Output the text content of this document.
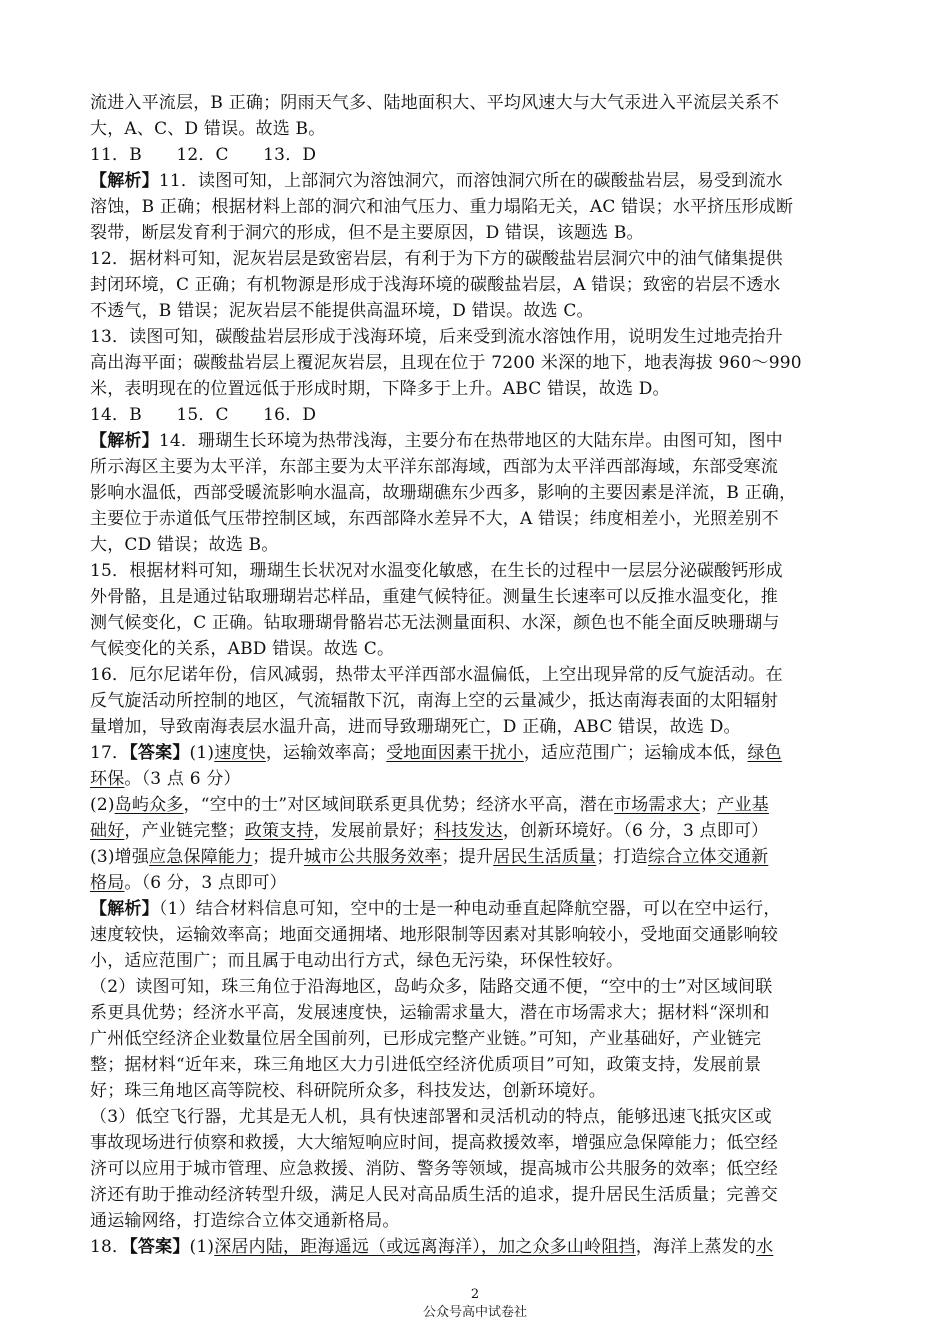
流进入平流层，B 正确；阴雨天气多、陆地面积大、平均风速大与大气汞进入平流层关系不
大，A、C、D 错误。故选 B。
11．B　　12．C　　13．D
【解析】11．读图可知，上部洞穴为溶蚀洞穴，而溶蚀洞穴所在的碳酸盐岩层，易受到流水
溶蚀，B 正确；根据材料上部的洞穴和油气压力、重力塌陷无关，AC 错误；水平挤压形成断
裂带，断层发育利于洞穴的形成，但不是主要原因，D 错误，该题选 B。
12．据材料可知，泥灰岩层是致密岩层，有利于为下方的碳酸盐岩层洞穴中的油气储集提供
封闭环境，C 正确；有机物源是形成于浅海环境的碳酸盐岩层，A 错误；致密的岩层不透水
不透气，B 错误；泥灰岩层不能提供高温环境，D 错误。故选 C。
13．读图可知，碳酸盐岩层形成于浅海环境，后来受到流水溶蚀作用，说明发生过地壳抬升
高出海平面；碳酸盐岩层上覆泥灰岩层，且现在位于 7200 米深的地下，地表海拔 960～990
米，表明现在的位置远低于形成时期，下降多于上升。ABC 错误，故选 D。
14．B　　15．C　　16．D
【解析】14．珊瑚生长环境为热带浅海，主要分布在热带地区的大陆东岸。由图可知，图中
所示海区主要为太平洋，东部主要为太平洋东部海域，西部为太平洋西部海域，东部受寒流
影响水温低，西部受暖流影响水温高，故珊瑚礁东少西多，影响的主要因素是洋流，B 正确，
主要位于赤道低气压带控制区域，东西部降水差异不大，A 错误；纬度相差小，光照差别不
大，CD 错误；故选 B。
15．根据材料可知，珊瑚生长状况对水温变化敏感，在生长的过程中一层层分泌碳酸钙形成
外骨骼，且是通过钻取珊瑚岩芯样品，重建气候特征。测量生长速率可以反推水温变化，推
测气候变化，C 正确。钻取珊瑚骨骼岩芯无法测量面积、水深，颜色也不能全面反映珊瑚与
气候变化的关系，ABD 错误。故选 C。
16．厄尔尼诺年份，信风减弱，热带太平洋西部水温偏低，上空出现异常的反气旋活动。在
反气旋活动所控制的地区，气流辐散下沉，南海上空的云量减少，抵达南海表面的太阳辐射
量增加，导致南海表层水温升高，进而导致珊瑚死亡，D 正确，ABC 错误，故选 D。
17．【答案】(1)速度快，运输效率高；受地面因素干扰小，适应范围广；运输成本低，绿色
环保。（3 点 6 分）
(2)岛屿众多，“空中的士”对区域间联系更具优势；经济水平高，潜在市场需求大；产业基
础好，产业链完整；政策支持，发展前景好；科技发达，创新环境好。（6 分，3 点即可）
(3)增强应急保障能力；提升城市公共服务效率；提升居民生活质量；打造综合立体交通新
格局。（6 分，3 点即可）
【解析】（1）结合材料信息可知，空中的士是一种电动垂直起降航空器，可以在空中运行，
速度较快，运输效率高；地面交通拥堵、地形限制等因素对其影响较小，受地面交通影响较
小，适应范围广；而且属于电动出行方式，绿色无污染，环保性较好。
（2）读图可知，珠三角位于沿海地区，岛屿众多，陆路交通不便，“空中的士”对区域间联
系更具优势；经济水平高，发展速度快，运输需求量大，潜在市场需求大；据材料“深圳和
广州低空经济企业数量位居全国前列，已形成完整产业链。”可知，产业基础好，产业链完
整；据材料“近年来，珠三角地区大力引进低空经济优质项目”可知，政策支持，发展前景
好；珠三角地区高等院校、科研院所众多，科技发达，创新环境好。
（3）低空飞行器，尤其是无人机，具有快速部署和灵活机动的特点，能够迅速飞抵灾区或
事故现场进行侦察和救援，大大缩短响应时间，提高救援效率，增强应急保障能力；低空经
济可以应用于城市管理、应急救援、消防、警务等领域，提高城市公共服务的效率；低空经
济还有助于推动经济转型升级，满足人民对高品质生活的追求，提升居民生活质量；完善交
通运输网络，打造综合立体交通新格局。
18．【答案】(1)深居内陆，距海遥远（或远离海洋），加之众多山岭阻挡，海洋上蒸发的水
2
公众号高中试卷社
